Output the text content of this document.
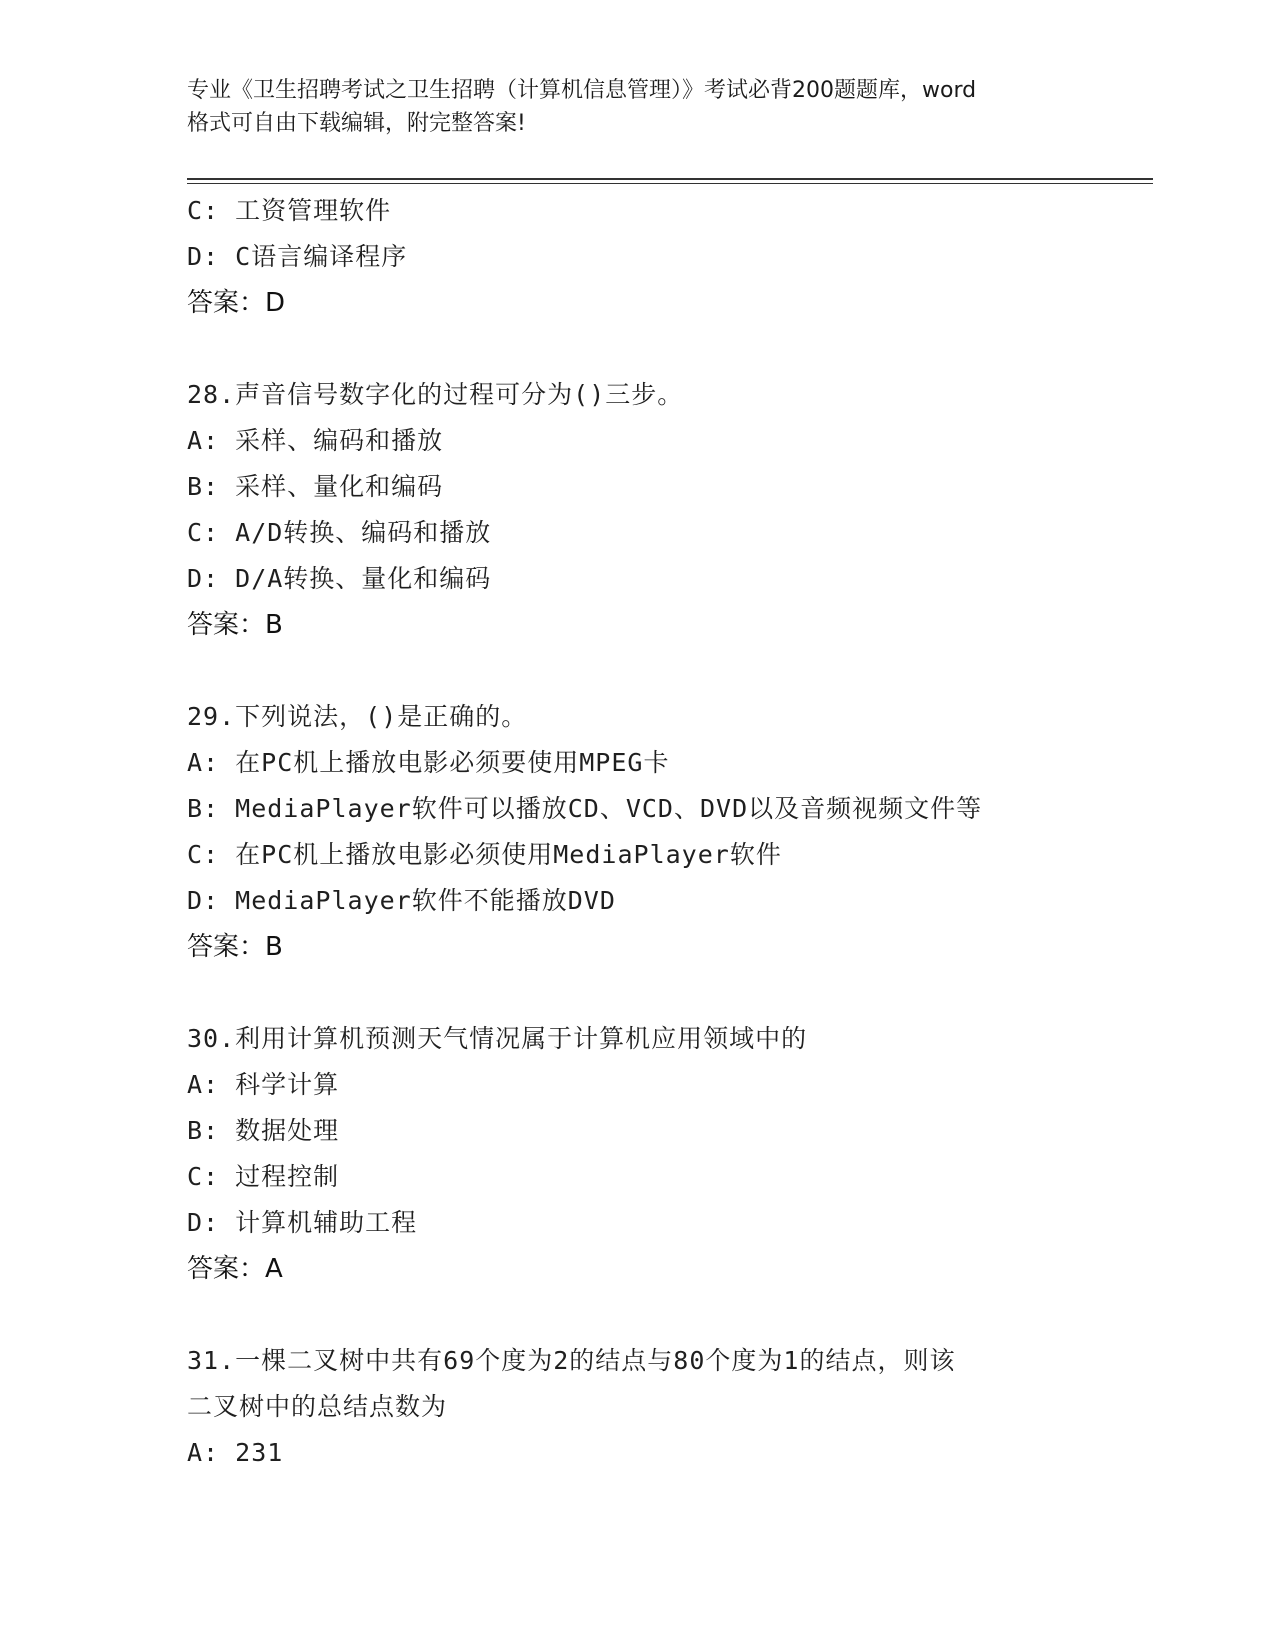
专业《卫生招聘考试之卫生招聘（计算机信息管理）》考试必背200题题库，word
格式可自由下载编辑，附完整答案!
C: 工资管理软件
D: C语言编译程序
答案：D
28.声音信号数字化的过程可分为()三步。
A: 采样、编码和播放
B: 采样、量化和编码
C: A/D转换、编码和播放
D: D/A转换、量化和编码
答案：B
29.下列说法，()是正确的。
A: 在PC机上播放电影必须要使用MPEG卡
B: MediaPlayer软件可以播放CD、VCD、DVD以及音频视频文件等
C: 在PC机上播放电影必须使用MediaPlayer软件
D: MediaPlayer软件不能播放DVD
答案：B
30.利用计算机预测天气情况属于计算机应用领域中的
A: 科学计算
B: 数据处理
C: 过程控制
D: 计算机辅助工程
答案：A
31.一棵二叉树中共有69个度为2的结点与80个度为1的结点，则该
二叉树中的总结点数为
A: 231
